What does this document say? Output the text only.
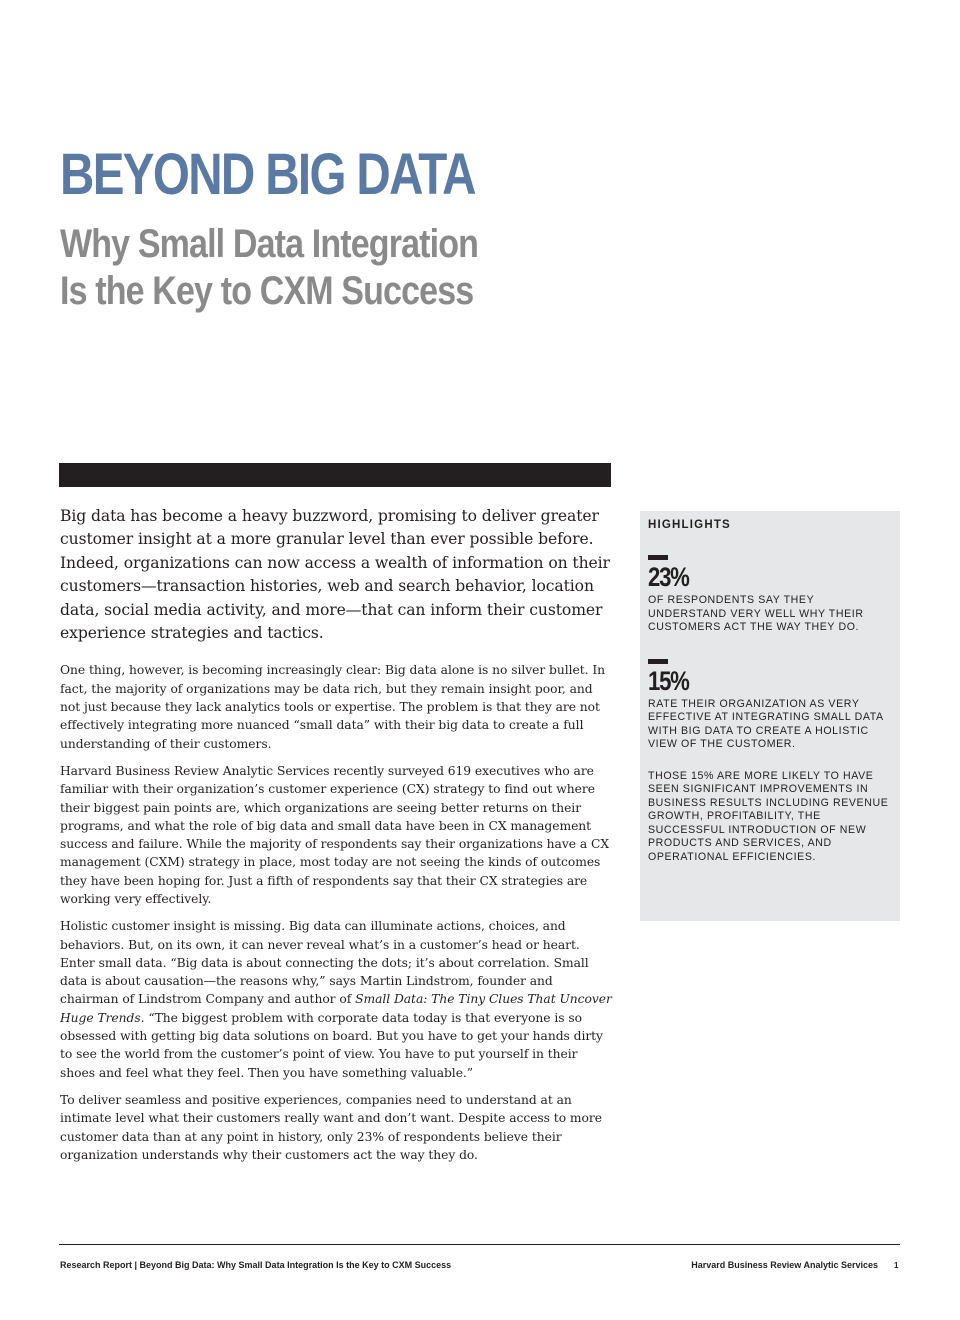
BEYOND BIG DATA
Why Small Data Integration
Is the Key to CXM Success

Big data has become a heavy buzzword, promising to deliver greater customer insight at a more granular level than ever possible before. Indeed, organizations can now access a wealth of information on their customers—transaction histories, web and search behavior, location data, social media activity, and more—that can inform their customer experience strategies and tactics.

One thing, however, is becoming increasingly clear: Big data alone is no silver bullet. In fact, the majority of organizations may be data rich, but they remain insight poor, and not just because they lack analytics tools or expertise. The problem is that they are not effectively integrating more nuanced “small data” with their big data to create a full understanding of their customers.

Harvard Business Review Analytic Services recently surveyed 619 executives who are familiar with their organization’s customer experience (CX) strategy to find out where their biggest pain points are, which organizations are seeing better returns on their programs, and what the role of big data and small data have been in CX management success and failure. While the majority of respondents say their organizations have a CX management (CXM) strategy in place, most today are not seeing the kinds of outcomes they have been hoping for. Just a fifth of respondents say that their CX strategies are working very effectively.

Holistic customer insight is missing. Big data can illuminate actions, choices, and behaviors. But, on its own, it can never reveal what’s in a customer’s head or heart. Enter small data. “Big data is about connecting the dots; it’s about correlation. Small data is about causation—the reasons why,” says Martin Lindstrom, founder and chairman of Lindstrom Company and author of Small Data: The Tiny Clues That Uncover Huge Trends. “The biggest problem with corporate data today is that everyone is so obsessed with getting big data solutions on board. But you have to get your hands dirty to see the world from the customer’s point of view. You have to put yourself in their shoes and feel what they feel. Then you have something valuable.”

To deliver seamless and positive experiences, companies need to understand at an intimate level what their customers really want and don’t want. Despite access to more customer data than at any point in history, only 23% of respondents believe their organization understands why their customers act the way they do.

HIGHLIGHTS

23%
OF RESPONDENTS SAY THEY UNDERSTAND VERY WELL WHY THEIR CUSTOMERS ACT THE WAY THEY DO.
15%
RATE THEIR ORGANIZATION AS VERY EFFECTIVE AT INTEGRATING SMALL DATA WITH BIG DATA TO CREATE A HOLISTIC VIEW OF THE CUSTOMER.
THOSE 15% ARE MORE LIKELY TO HAVE SEEN SIGNIFICANT IMPROVEMENTS IN BUSINESS RESULTS INCLUDING REVENUE GROWTH, PROFITABILITY, THE SUCCESSFUL INTRODUCTION OF NEW PRODUCTS AND SERVICES, AND OPERATIONAL EFFICIENCIES.
Research Report | Beyond Big Data: Why Small Data Integration Is the Key to CXM Success	Harvard Business Review Analytic Services 1
